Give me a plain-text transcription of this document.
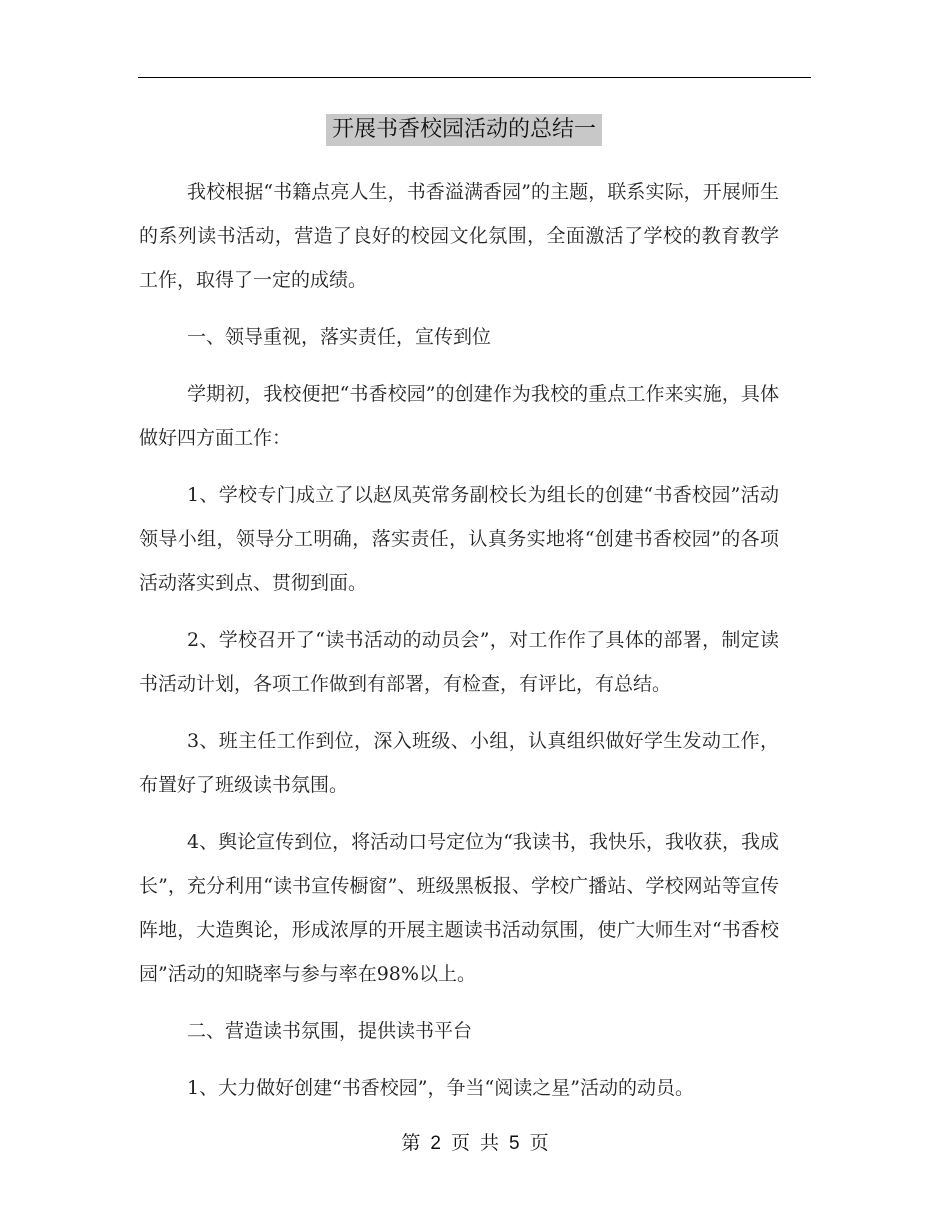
开展书香校园活动的总结一

我校根据“书籍点亮人生，书香溢满香园”的主题，联系实际，开展师生的系列读书活动，营造了良好的校园文化氛围，全面激活了学校的教育教学工作，取得了一定的成绩。

一、领导重视，落实责任，宣传到位

学期初，我校便把“书香校园”的创建作为我校的重点工作来实施，具体做好四方面工作：

1、学校专门成立了以赵凤英常务副校长为组长的创建“书香校园”活动领导小组，领导分工明确，落实责任，认真务实地将“创建书香校园”的各项活动落实到点、贯彻到面。

2、学校召开了“读书活动的动员会”，对工作作了具体的部署，制定读书活动计划，各项工作做到有部署，有检查，有评比，有总结。

3、班主任工作到位，深入班级、小组，认真组织做好学生发动工作，布置好了班级读书氛围。

4、舆论宣传到位，将活动口号定位为“我读书，我快乐，我收获，我成长”，充分利用“读书宣传橱窗”、班级黑板报、学校广播站、学校网站等宣传阵地，大造舆论，形成浓厚的开展主题读书活动氛围，使广大师生对“书香校园”活动的知晓率与参与率在98%以上。

二、营造读书氛围，提供读书平台

1、大力做好创建“书香校园”，争当“阅读之星”活动的动员。

第 2 页 共 5 页
